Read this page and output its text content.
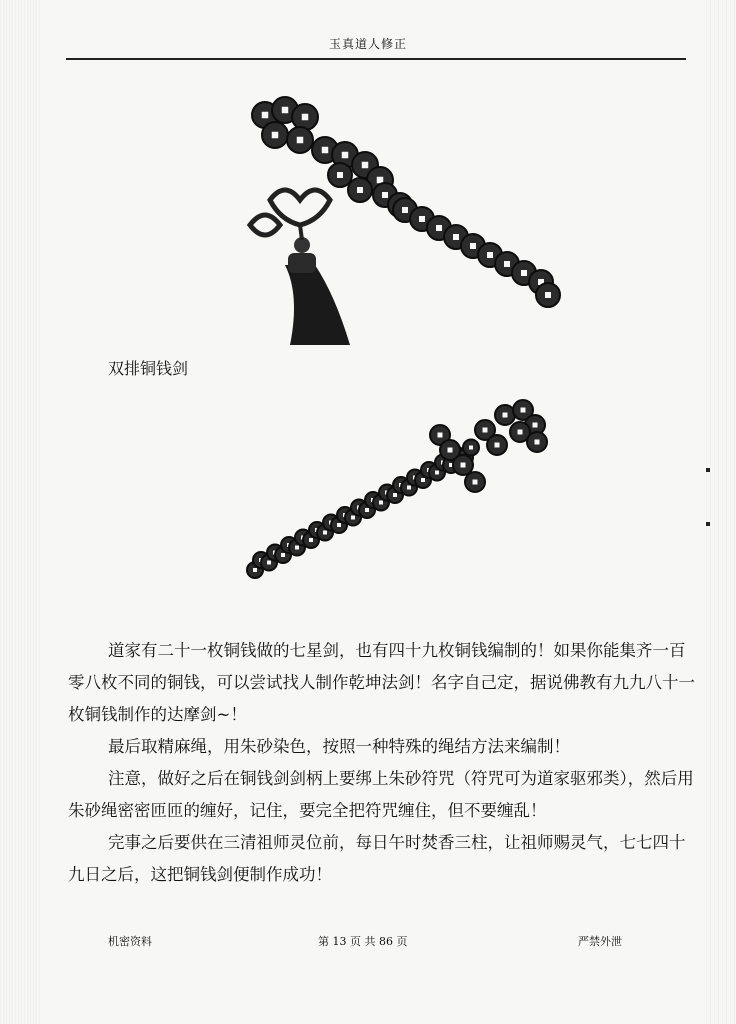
玉真道人修正
双排铜钱剑

道家有二十一枚铜钱做的七星剑，也有四十九枚铜钱编制的！如果你能集齐一百零八枚不同的铜钱，可以尝试找人制作乾坤法剑！名字自己定，据说佛教有九九八十一枚铜钱制作的达摩剑~！

最后取精麻绳，用朱砂染色，按照一种特殊的绳结方法来编制！

注意，做好之后在铜钱剑剑柄上要绑上朱砂符咒（符咒可为道家驱邪类），然后用朱砂绳密密匝匝的缠好，记住，要完全把符咒缠住，但不要缠乱！

完事之后要供在三清祖师灵位前，每日午时焚香三柱，让祖师赐灵气，七七四十九日之后，这把铜钱剑便制作成功！

机密资料	第 13 页 共 86 页	严禁外泄
